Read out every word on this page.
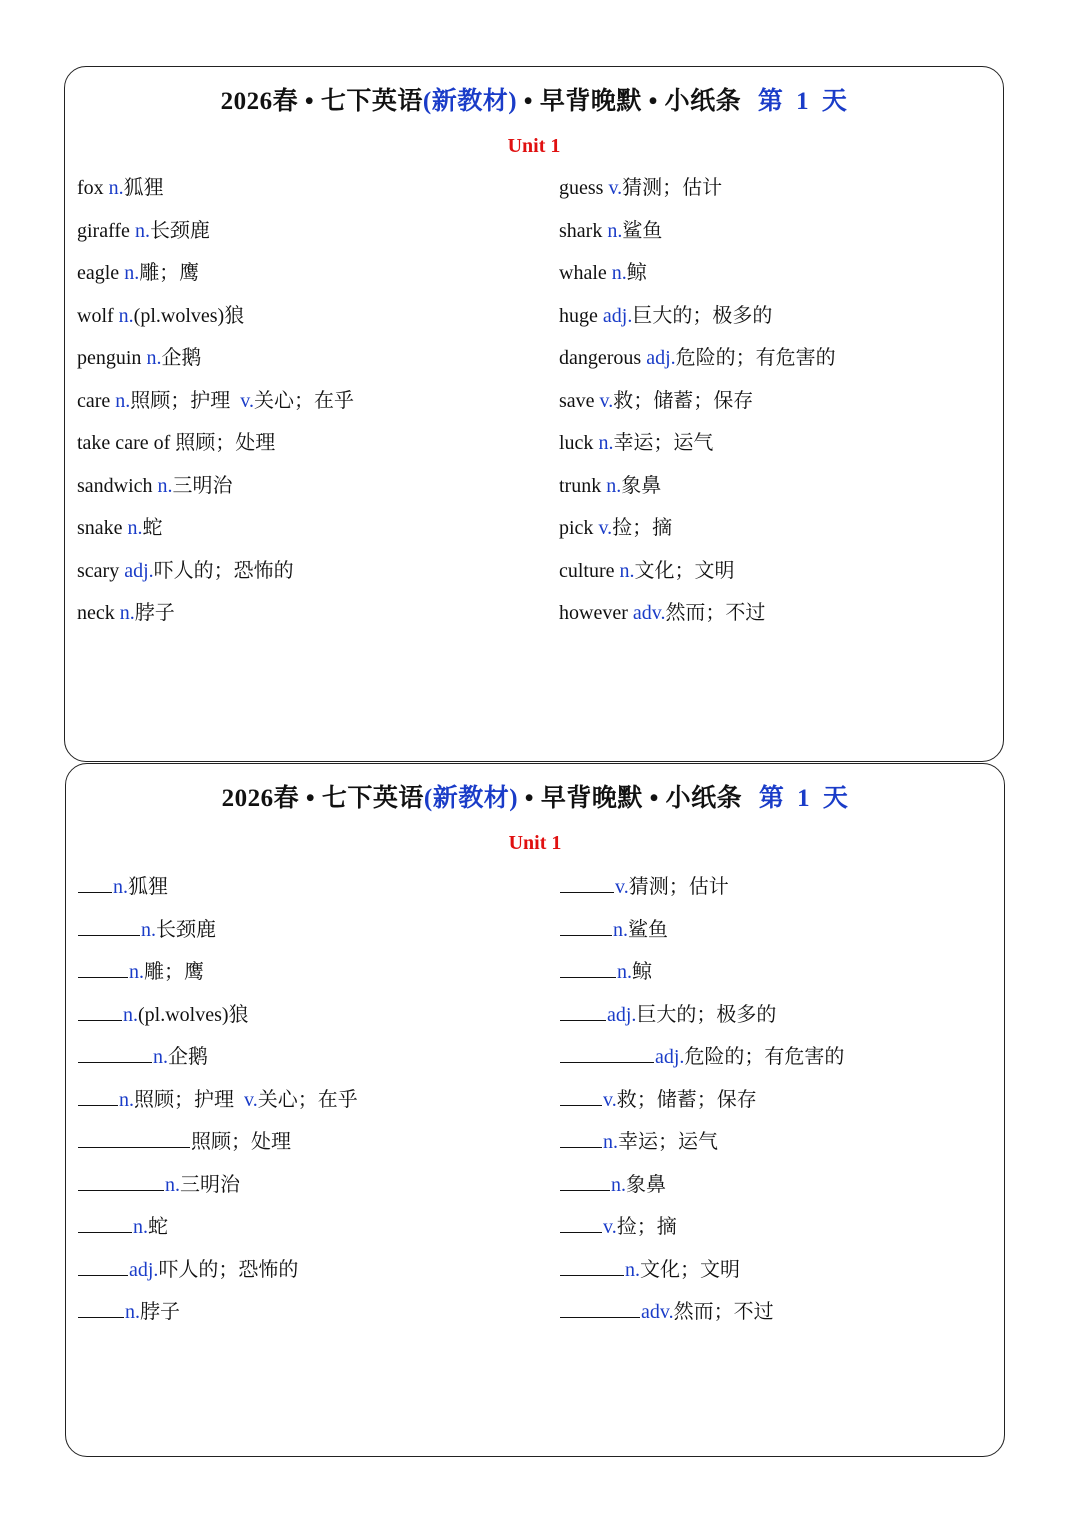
2026春 • 七下英语(新教材) • 早背晚默 • 小纸条 第 1 天
Unit 1
fox n.狐狸
giraffe n.长颈鹿
eagle n.雕；鹰
wolf n.(pl.wolves)狼
penguin n.企鹅
care n.照顾；护理 v.关心；在乎
take care of 照顾；处理
sandwich n.三明治
snake n.蛇
scary adj.吓人的；恐怖的
neck n.脖子
guess v.猜测；估计
shark n.鲨鱼
whale n.鲸
huge adj.巨大的；极多的
dangerous adj.危险的；有危害的
save v.救；储蓄；保存
luck n.幸运；运气
trunk n.象鼻
pick v.捡；摘
culture n.文化；文明
however adv.然而；不过
2026春 • 七下英语(新教材) • 早背晚默 • 小纸条 第 1 天
Unit 1
n.狐狸
n.长颈鹿
n.雕；鹰
n.(pl.wolves)狼
n.企鹅
n.照顾；护理 v.关心；在乎
照顾；处理
n.三明治
n.蛇
adj.吓人的；恐怖的
n.脖子
v.猜测；估计
n.鲨鱼
n.鲸
adj.巨大的；极多的
adj.危险的；有危害的
v.救；储蓄；保存
n.幸运；运气
n.象鼻
v.捡；摘
n.文化；文明
adv.然而；不过
